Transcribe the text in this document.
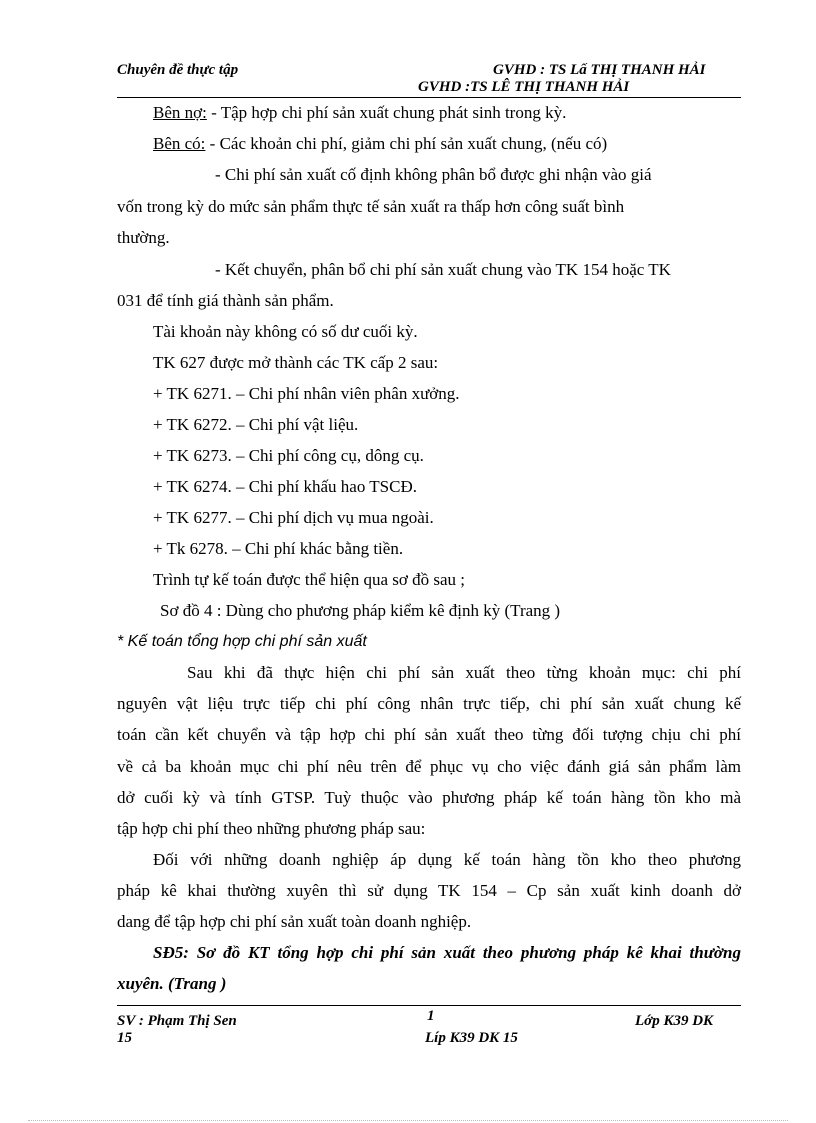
Chuyên đề thực tập	GVHD : TS Lấ THỊ THANH HẢI
GVHD :TS LÊ THỊ THANH HẢI
Bên nợ: - Tập hợp chi phí sản xuất chung phát sinh trong kỳ.
Bên có: - Các khoản chi phí, giảm chi phí sản xuất chung, (nếu có)
- Chi phí sản xuất cố định không phân bổ được ghi nhận vào giá
vốn trong kỳ do mức sản phẩm thực tế sản xuất ra thấp hơn công suất bình
thường.
- Kết chuyển, phân bổ chi phí sản xuất chung vào TK 154 hoặc TK
031 để tính giá thành sản phẩm.
Tài khoản này không có số dư cuối kỳ.
TK 627 được mở thành các TK cấp 2 sau:
+ TK 6271. – Chi phí nhân viên phân xưởng.
+ TK 6272. – Chi phí vật liệu.
+ TK 6273. – Chi phí công cụ, dông cụ.
+ TK 6274. – Chi phí khấu hao TSCĐ.
+ TK 6277. – Chi phí dịch vụ mua ngoài.
+ Tk 6278. – Chi phí khác bằng tiền.
Trình tự kế toán được thể hiện qua sơ đồ sau ;
Sơ đồ 4 : Dùng cho phương pháp kiểm kê định kỳ (Trang )
* Kế toán tổng hợp chi phí sản xuất
Sau khi đã thực hiện chi phí sản xuất theo từng khoản mục: chi phí
nguyên vật liệu trực tiếp chi phí công nhân trực tiếp, chi phí sản xuất chung kế
toán cần kết chuyển và tập hợp chi phí sản xuất theo từng đối tượng chịu chi phí
về cả ba khoản mục chi phí nêu trên để phục vụ cho việc đánh giá sản phẩm làm
dở cuối kỳ và tính GTSP. Tuỳ thuộc vào phương pháp kế toán hàng tồn kho mà
tập hợp chi phí theo những phương pháp sau:
Đối với những doanh nghiệp áp dụng kế toán hàng tồn kho theo phương
pháp kê khai thường xuyên thì sử dụng TK 154 – Cp sản xuất kinh doanh dở
dang để tập hợp chi phí sản xuất toàn doanh nghiệp.
SĐ5: Sơ đồ KT tổng hợp chi phí sản xuất theo phương pháp kê khai thường
xuyên. (Trang )
SV : Phạm Thị Sen
15
1
Líp K39 DK 15
Lớp K39 DK
